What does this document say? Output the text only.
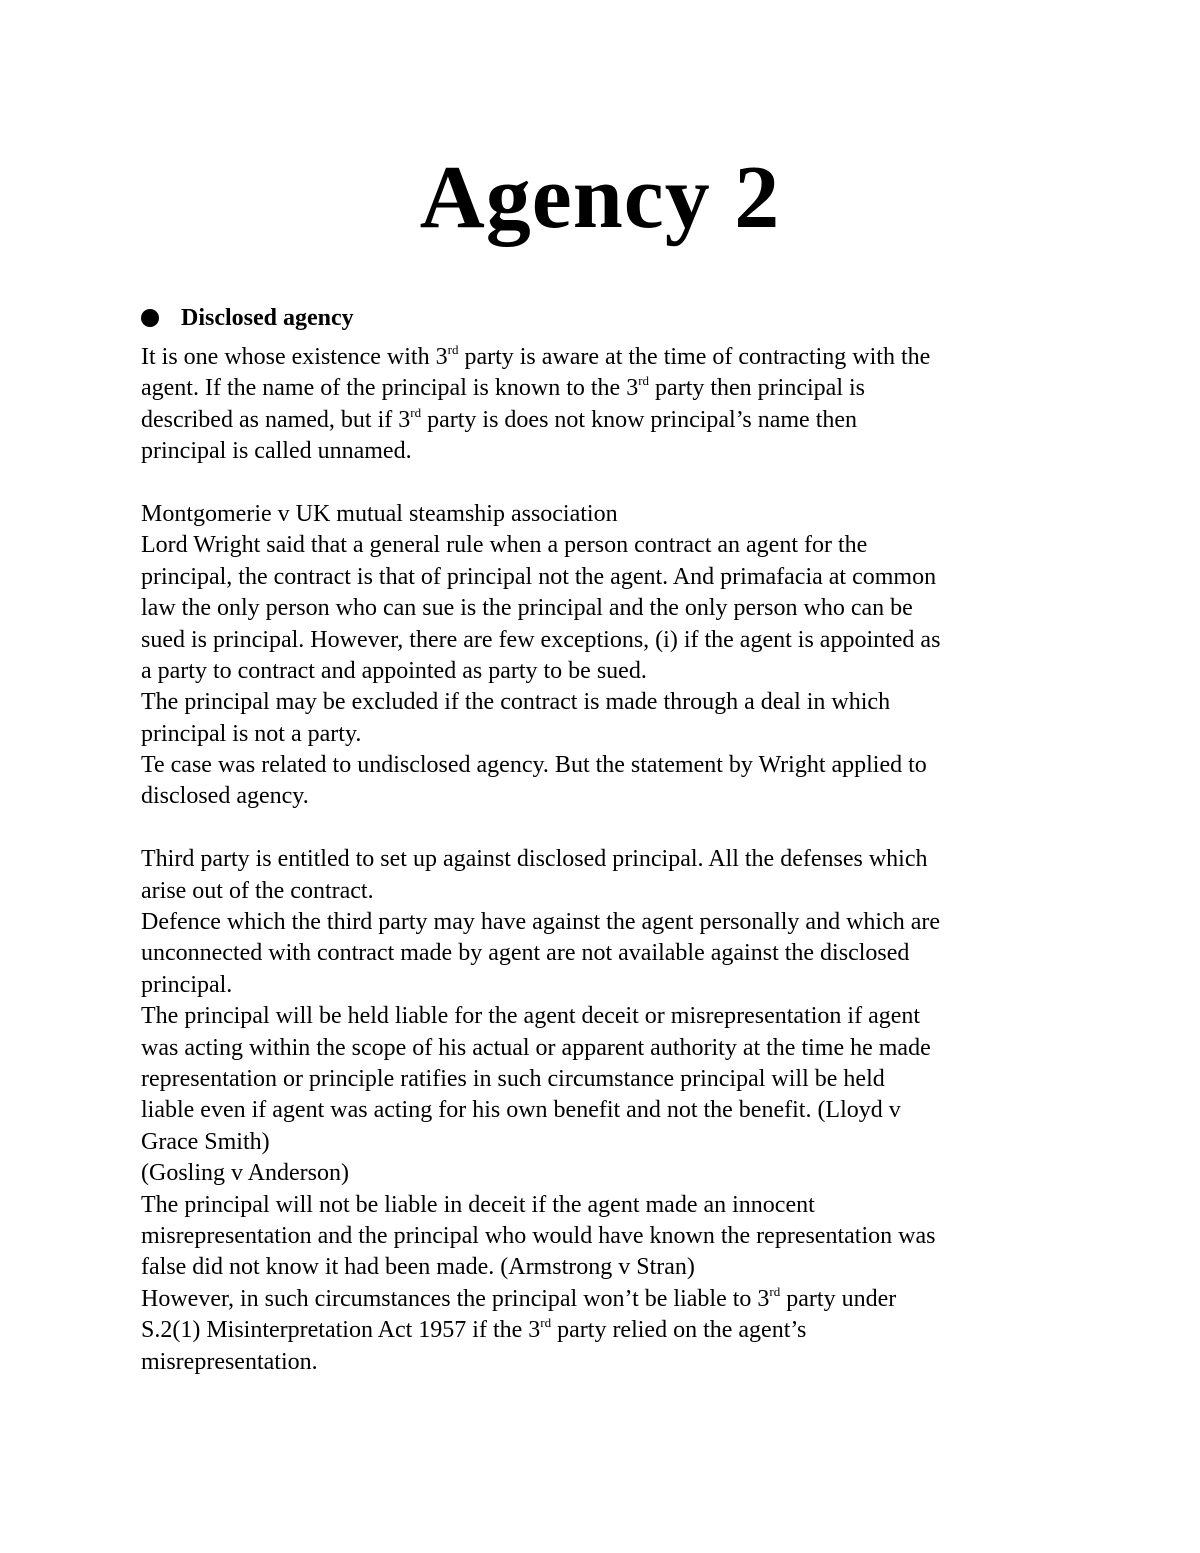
Agency 2
Disclosed agency
It is one whose existence with 3rd party is aware at the time of contracting with the
agent. If the name of the principal is known to the 3rd party then principal is
described as named, but if 3rd party is does not know principal’s name then
principal is called unnamed.
Montgomerie v UK mutual steamship association
Lord Wright said that a general rule when a person contract an agent for the
principal, the contract is that of principal not the agent. And primafacia at common
law the only person who can sue is the principal and the only person who can be
sued is principal. However, there are few exceptions, (i) if the agent is appointed as
a party to contract and appointed as party to be sued.
The principal may be excluded if the contract is made through a deal in which
principal is not a party.
Te case was related to undisclosed agency. But the statement by Wright applied to
disclosed agency.
Third party is entitled to set up against disclosed principal. All the defenses which
arise out of the contract.
Defence which the third party may have against the agent personally and which are
unconnected with contract made by agent are not available against the disclosed
principal.
The principal will be held liable for the agent deceit or misrepresentation if agent
was acting within the scope of his actual or apparent authority at the time he made
representation or principle ratifies in such circumstance principal will be held
liable even if agent was acting for his own benefit and not the benefit. (Lloyd v
Grace Smith)
(Gosling v Anderson)
The principal will not be liable in deceit if the agent made an innocent
misrepresentation and the principal who would have known the representation was
false did not know it had been made. (Armstrong v Stran)
However, in such circumstances the principal won’t be liable to 3rd party under
S.2(1) Misinterpretation Act 1957 if the 3rd party relied on the agent’s
misrepresentation.
